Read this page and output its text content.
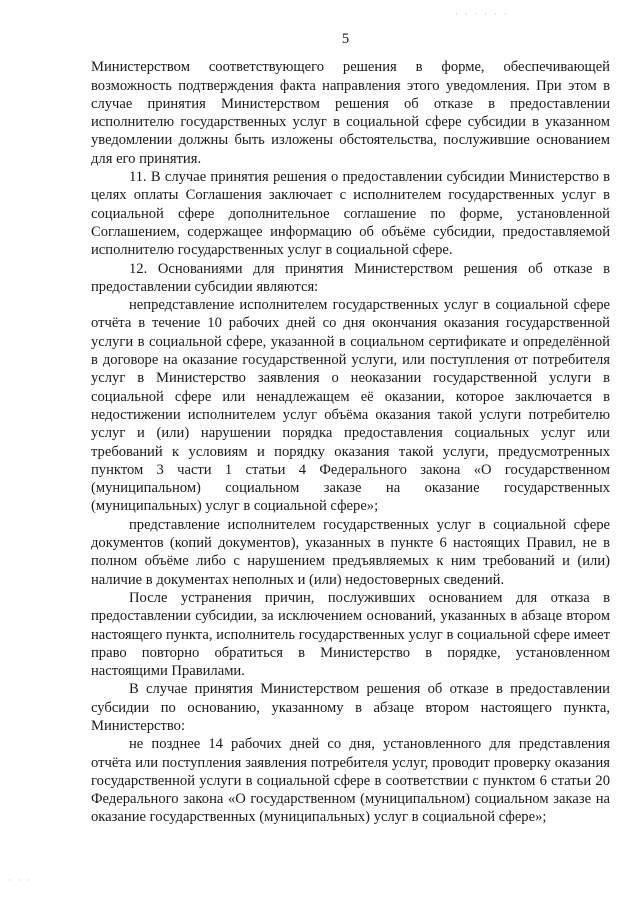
5

Министерством соответствующего решения в форме, обеспечивающей возможность подтверждения факта направления этого уведомления. При этом в случае принятия Министерством решения об отказе в предоставлении исполнителю государственных услуг в социальной сфере субсидии в указанном уведомлении должны быть изложены обстоятельства, послужившие основанием для его принятия.

11. В случае принятия решения о предоставлении субсидии Министерство в целях оплаты Соглашения заключает с исполнителем государственных услуг в социальной сфере дополнительное соглашение по форме, установленной Соглашением, содержащее информацию об объёме субсидии, предоставляемой исполнителю государственных услуг в социальной сфере.

12. Основаниями для принятия Министерством решения об отказе в предоставлении субсидии являются:

непредставление исполнителем государственных услуг в социальной сфере отчёта в течение 10 рабочих дней со дня окончания оказания государственной услуги в социальной сфере, указанной в социальном сертификате и определённой в договоре на оказание государственной услуги, или поступления от потребителя услуг в Министерство заявления о неоказании государственной услуги в социальной сфере или ненадлежащем её оказании, которое заключается в недостижении исполнителем услуг объёма оказания такой услуги потребителю услуг и (или) нарушении порядка предоставления социальных услуг или требований к условиям и порядку оказания такой услуги, предусмотренных пунктом 3 части 1 статьи 4 Федерального закона «О государственном (муниципальном) социальном заказе на оказание государственных (муниципальных) услуг в социальной сфере»;

представление исполнителем государственных услуг в социальной сфере документов (копий документов), указанных в пункте 6 настоящих Правил, не в полном объёме либо с нарушением предъявляемых к ним требований и (или) наличие в документах неполных и (или) недостоверных сведений.

После устранения причин, послуживших основанием для отказа в предоставлении субсидии, за исключением оснований, указанных в абзаце втором настоящего пункта, исполнитель государственных услуг в социальной сфере имеет право повторно обратиться в Министерство в порядке, установленном настоящими Правилами.

В случае принятия Министерством решения об отказе в предоставлении субсидии по основанию, указанному в абзаце втором настоящего пункта, Министерство:

не позднее 14 рабочих дней со дня, установленного для представления отчёта или поступления заявления потребителя услуг, проводит проверку оказания государственной услуги в социальной сфере в соответствии с пунктом 6 статьи 20 Федерального закона «О государственном (муниципальном) социальном заказе на оказание государственных (муниципальных) услуг в социальной сфере»;

· · · · · ·
· · ·
